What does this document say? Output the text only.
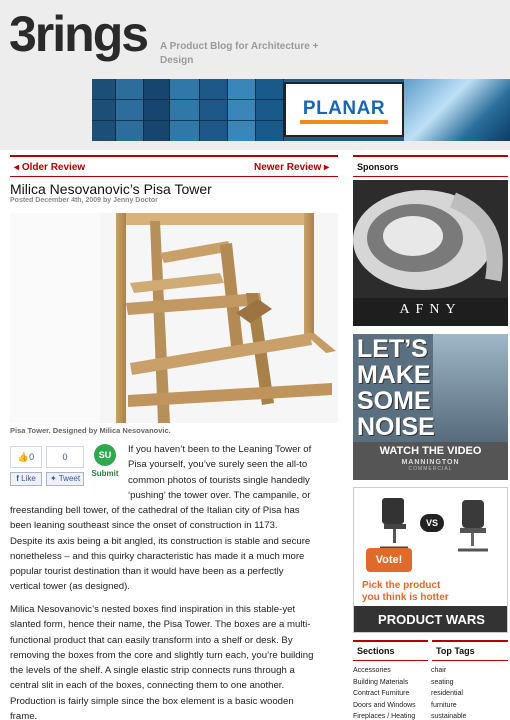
3rings A Product Blog for Architecture + Design
PLANAR
◂ Older Review	Newer Review ▸
Milica Nesovanovic’s Pisa Tower
Posted December 4th, 2009 by Jenny Doctor
Pisa Tower. Designed by Milica Nesovanovic.
👍0
f Like
0
✦ Tweet
SU
Submit
If you haven’t been to the Leaning Tower of
Pisa yourself, you’ve surely seen the all-to
common photos of tourists single handedly
‘pushing’ the tower over. The campanile, or
freestanding bell tower, of the cathedral of the Italian city of Pisa has
been leaning southeast since the onset of construction in 1173.
Despite its axis being a bit angled, its construction is stable and secure
nonetheless – and this quirky characteristic has made it a much more
popular tourist destination than it would have been as a perfectly
vertical tower (as designed).
Milica Nesovanovic’s nested boxes find inspiration in this stable-yet
slanted form, hence their name, the Pisa Tower. The boxes are a multi-
functional product that can easily transform into a shelf or desk. By
removing the boxes from the core and slightly turn each, you’re building
the levels of the shelf. A single elastic strip connects runs through a
central slit in each of the boxes, connecting them to one another.
Production is fairly simple since the box element is a basic wooden
frame.
Sponsors
AFNY
LET’S
MAKE
SOME
NOISE
WATCH THE VIDEO
MANNINGTON
COMMERCIAL
VS
Vote!
Pick the product
you think is hotter
PRODUCT WARS
Sections	Top Tags
Accessories
Building Materials
Contract Furniture
Doors and Windows
Fireplaces / Heating
chair
seating
residential
furniture
sustainable
